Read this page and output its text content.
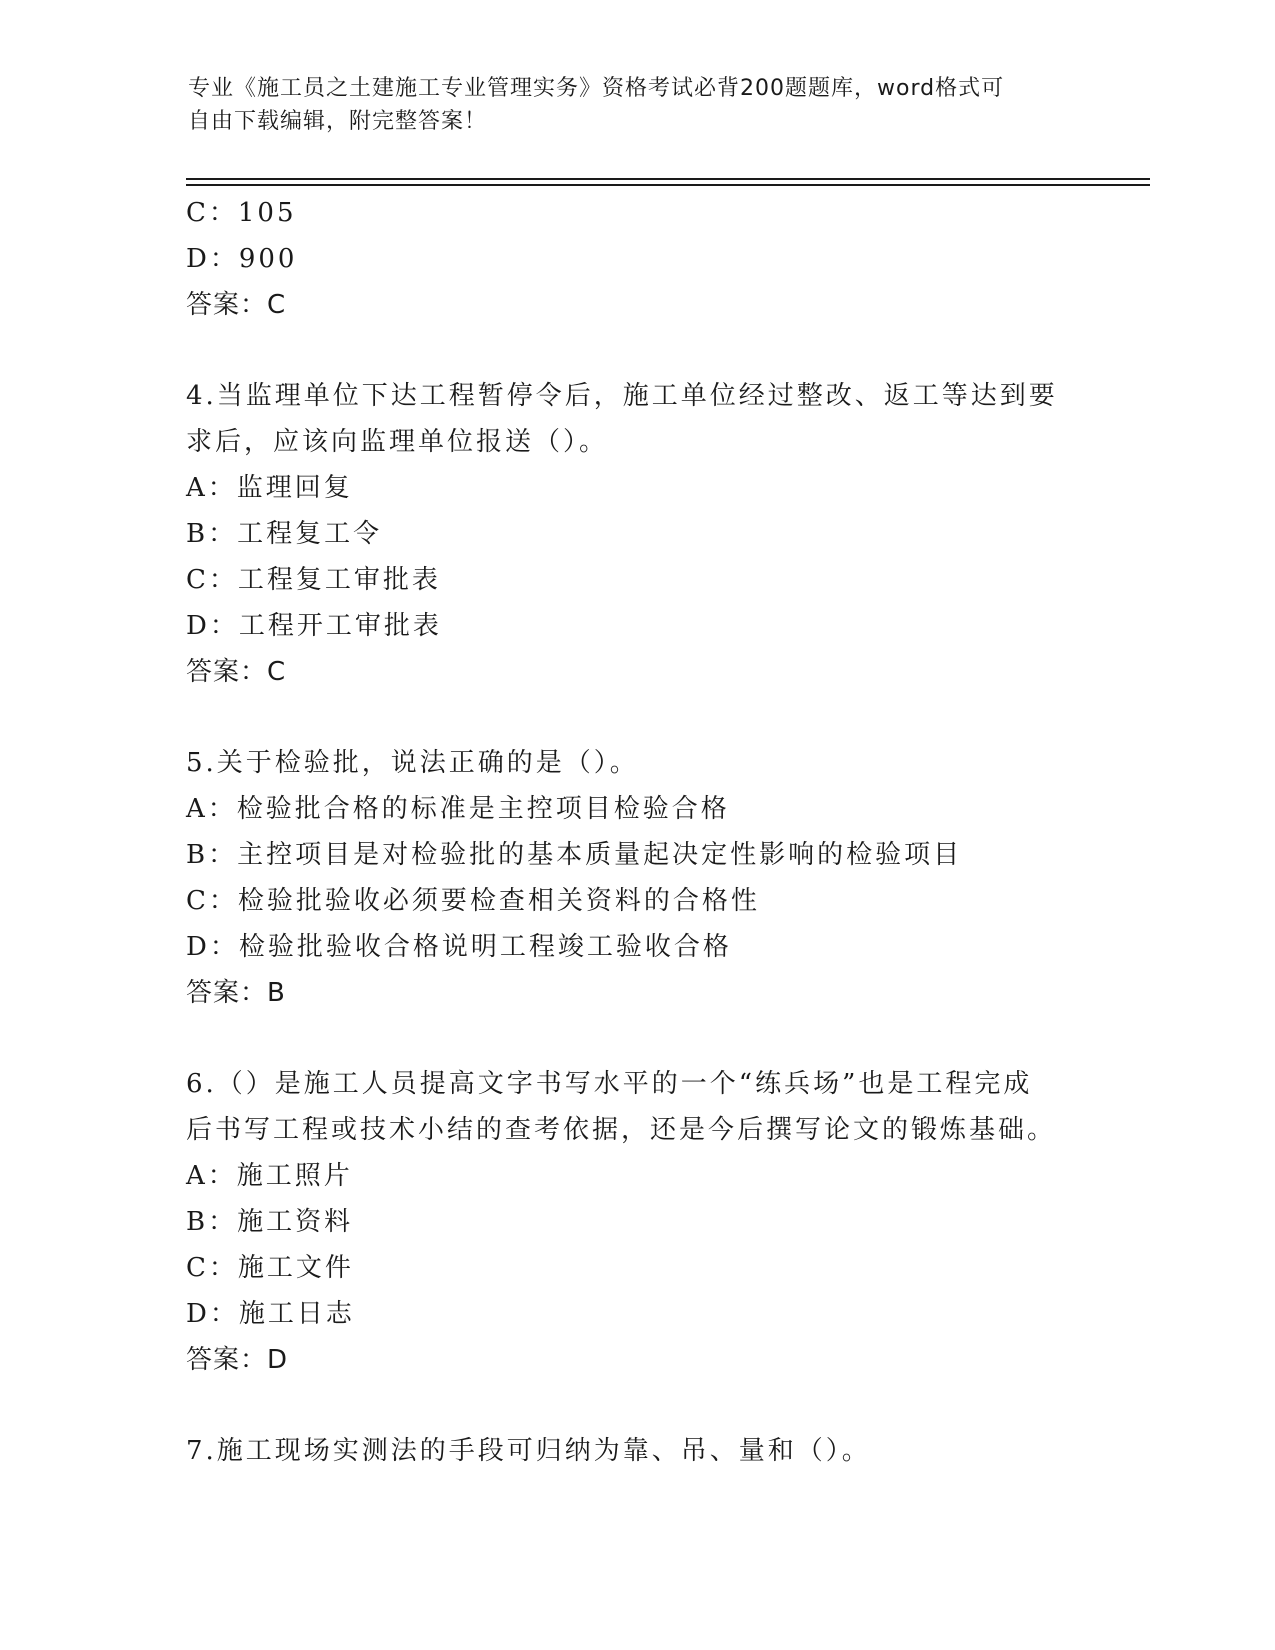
专业《施工员之土建施工专业管理实务》资格考试必背200题题库，word格式可
自由下载编辑，附完整答案！
C：105
D：900
答案：C
4.当监理单位下达工程暂停令后，施工单位经过整改、返工等达到要
求后，应该向监理单位报送（）。
A：监理回复
B：工程复工令
C：工程复工审批表
D：工程开工审批表
答案：C
5.关于检验批，说法正确的是（）。
A：检验批合格的标准是主控项目检验合格
B：主控项目是对检验批的基本质量起决定性影响的检验项目
C：检验批验收必须要检查相关资料的合格性
D：检验批验收合格说明工程竣工验收合格
答案：B
6.（）是施工人员提高文字书写水平的一个“练兵场”也是工程完成
后书写工程或技术小结的查考依据，还是今后撰写论文的锻炼基础。
A：施工照片
B：施工资料
C：施工文件
D：施工日志
答案：D
7.施工现场实测法的手段可归纳为靠、吊、量和（）。
